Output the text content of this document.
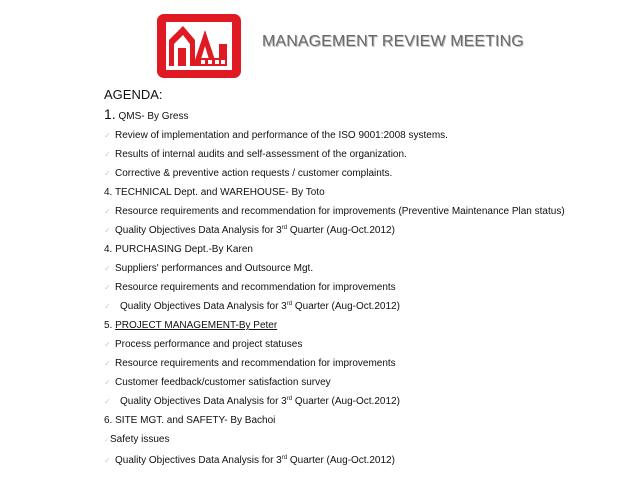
MANAGEMENT REVIEW MEETING
AGENDA:
1. QMS- By Gress
✓ Review of implementation and performance of the ISO 9001:2008 systems.
✓ Results of internal audits and self-assessment of the organization.
✓ Corrective & preventive action requests / customer complaints.
4. TECHNICAL Dept. and WAREHOUSE- By Toto
✓ Resource requirements and recommendation for improvements (Preventive Maintenance Plan status)
✓ Quality Objectives Data Analysis for 3rd Quarter (Aug-Oct.2012)
4. PURCHASING Dept.-By Karen
✓ Suppliers' performances and Outsource Mgt.
✓ Resource requirements and recommendation for improvements
✓ Quality Objectives Data Analysis for 3rd Quarter (Aug-Oct.2012)
5. PROJECT MANAGEMENT-By Peter
✓ Process performance and project statuses
✓ Resource requirements and recommendation for improvements
✓ Customer feedback/customer satisfaction survey
✓ Quality Objectives Data Analysis for 3rd Quarter (Aug-Oct.2012)
6. SITE MGT. and SAFETY- By Bachoi
✓Safety issues
✓ Quality Objectives Data Analysis for 3rd Quarter (Aug-Oct.2012)
